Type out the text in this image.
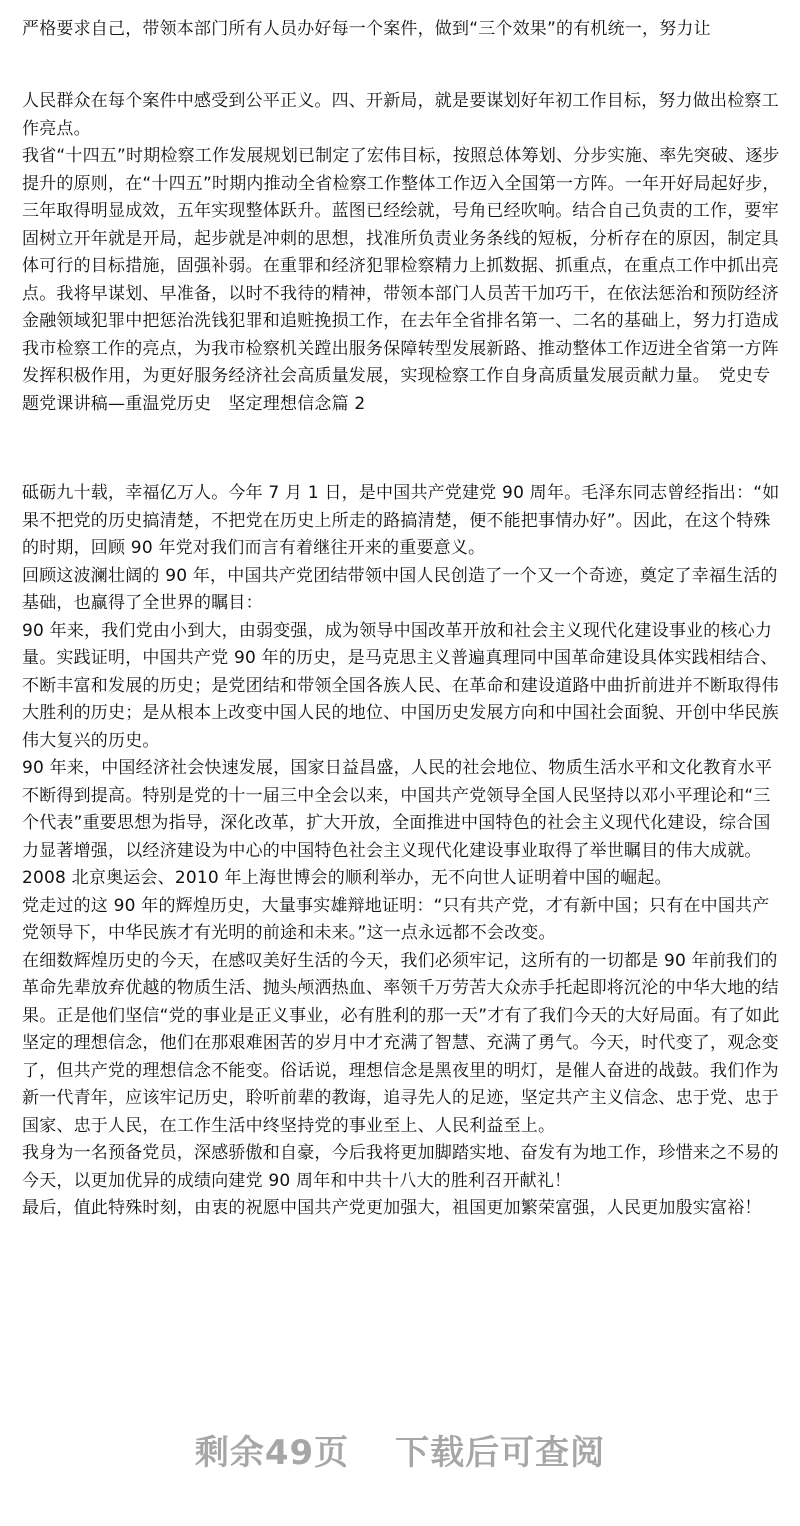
严格要求自己，带领本部门所有人员办好每一个案件，做到“三个效果”的有机统一，努力让

人民群众在每个案件中感受到公平正义。四、开新局，就是要谋划好年初工作目标，努力做出检察工作亮点。

我省“十四五”时期检察工作发展规划已制定了宏伟目标，按照总体筹划、分步实施、率先突破、逐步提升的原则，在“十四五”时期内推动全省检察工作整体工作迈入全国第一方阵。一年开好局起好步，三年取得明显成效，五年实现整体跃升。蓝图已经绘就，号角已经吹响。结合自己负责的工作，要牢固树立开年就是开局，起步就是冲刺的思想，找准所负责业务条线的短板，分析存在的原因，制定具体可行的目标措施，固强补弱。在重罪和经济犯罪检察精力上抓数据、抓重点，在重点工作中抓出亮点。我将早谋划、早准备，以时不我待的精神，带领本部门人员苦干加巧干，在依法惩治和预防经济金融领域犯罪中把惩治洗钱犯罪和追赃挽损工作，在去年全省排名第一、二名的基础上，努力打造成我市检察工作的亮点，为我市检察机关蹚出服务保障转型发展新路、推动整体工作迈进全省第一方阵发挥积极作用，为更好服务经济社会高质量发展，实现检察工作自身高质量发展贡献力量。　党史专题党课讲稿—重温党历史　坚定理想信念篇 2

砥砺九十载，幸福亿万人。今年 7 月 1 日，是中国共产党建党 90 周年。毛泽东同志曾经指出：“如果不把党的历史搞清楚，不把党在历史上所走的路搞清楚，便不能把事情办好”。因此，在这个特殊的时期，回顾 90 年党对我们而言有着继往开来的重要意义。

回顾这波澜壮阔的 90 年，中国共产党团结带领中国人民创造了一个又一个奇迹，奠定了幸福生活的基础，也赢得了全世界的瞩目：

90 年来，我们党由小到大，由弱变强，成为领导中国改革开放和社会主义现代化建设事业的核心力量。实践证明，中国共产党 90 年的历史，是马克思主义普遍真理同中国革命建设具体实践相结合、不断丰富和发展的历史；是党团结和带领全国各族人民、在革命和建设道路中曲折前进并不断取得伟大胜利的历史；是从根本上改变中国人民的地位、中国历史发展方向和中国社会面貌、开创中华民族伟大复兴的历史。

90 年来，中国经济社会快速发展，国家日益昌盛，人民的社会地位、物质生活水平和文化教育水平不断得到提高。特别是党的十一届三中全会以来，中国共产党领导全国人民坚持以邓小平理论和“三个代表”重要思想为指导，深化改革，扩大开放，全面推进中国特色的社会主义现代化建设，综合国力显著增强，以经济建设为中心的中国特色社会主义现代化建设事业取得了举世瞩目的伟大成就。2008 北京奥运会、2010 年上海世博会的顺利举办，无不向世人证明着中国的崛起。

党走过的这 90 年的辉煌历史，大量事实雄辩地证明：“只有共产党，才有新中国；只有在中国共产党领导下，中华民族才有光明的前途和未来。”这一点永远都不会改变。

在细数辉煌历史的今天，在感叹美好生活的今天，我们必须牢记，这所有的一切都是 90 年前我们的革命先辈放弃优越的物质生活、抛头颅洒热血、率领千万劳苦大众赤手托起即将沉沦的中华大地的结果。正是他们坚信“党的事业是正义事业，必有胜利的那一天”才有了我们今天的大好局面。有了如此坚定的理想信念，他们在那艰难困苦的岁月中才充满了智慧、充满了勇气。今天，时代变了，观念变了，但共产党的理想信念不能变。俗话说，理想信念是黑夜里的明灯，是催人奋进的战鼓。我们作为新一代青年，应该牢记历史，聆听前辈的教诲，追寻先人的足迹，坚定共产主义信念、忠于党、忠于国家、忠于人民，在工作生活中终坚持党的事业至上、人民利益至上。

我身为一名预备党员，深感骄傲和自豪，今后我将更加脚踏实地、奋发有为地工作，珍惜来之不易的今天，以更加优异的成绩向建党 90 周年和中共十八大的胜利召开献礼！

最后，值此特殊时刻，由衷的祝愿中国共产党更加强大，祖国更加繁荣富强，人民更加殷实富裕！

剩余49页 下载后可查阅
